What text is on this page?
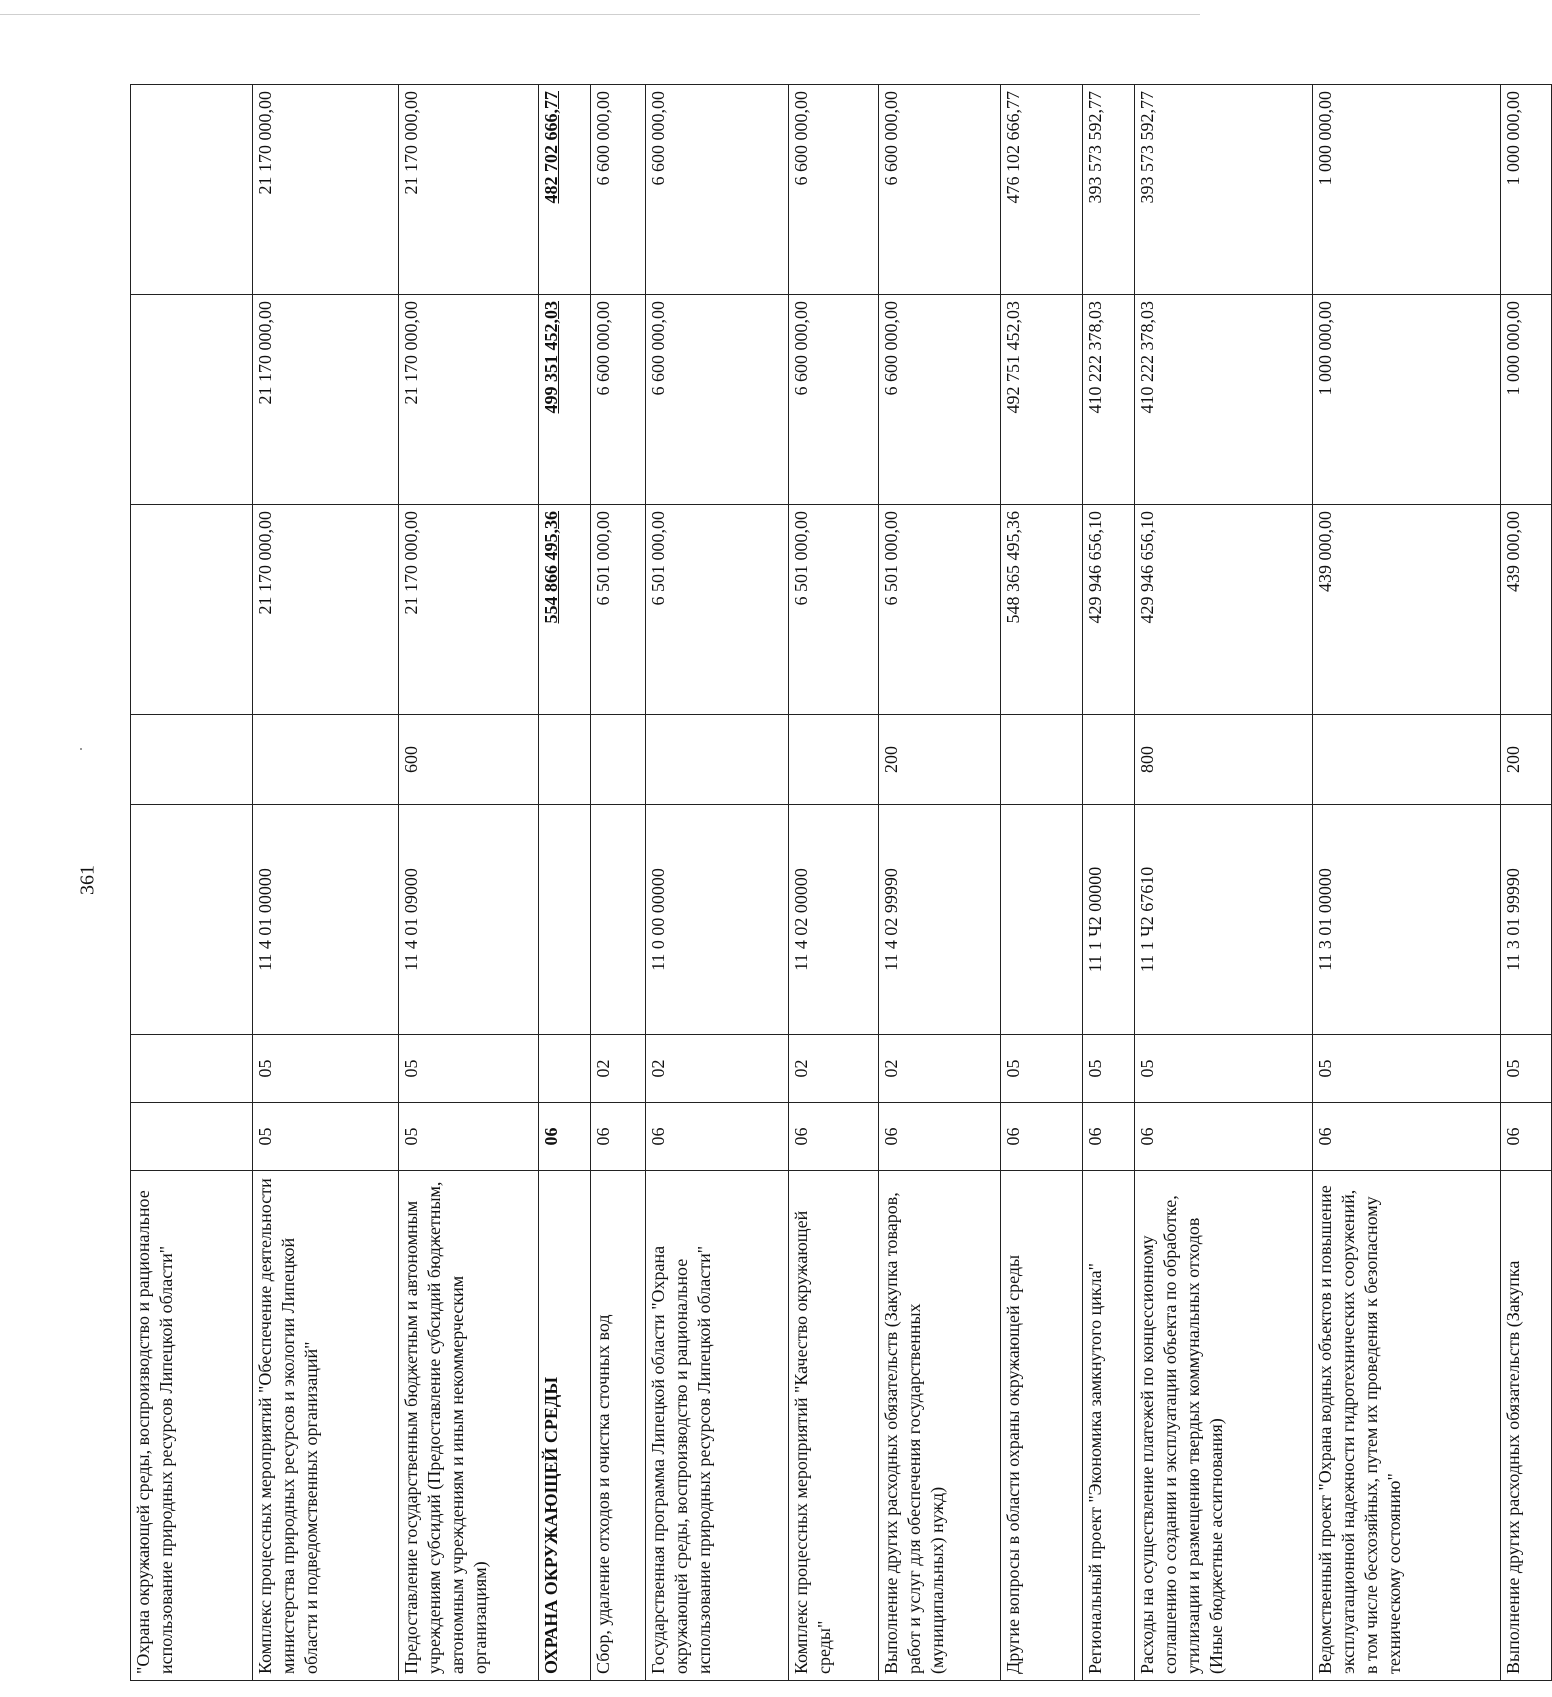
361
"Охрана окружающей среды, воспроизводство и рациональное использование природных ресурсов Липецкой области"							
Комплекс процессных мероприятий "Обеспечение деятельности министерства природных ресурсов и экологии Липецкой области и подведомственных организаций"	05	05	11 4 01 00000		21 170 000,00	21 170 000,00	21 170 000,00
Предоставление государственным бюджетным и автономным учреждениям субсидий (Предоставление субсидий бюджетным, автономным учреждениям и иным некоммерческим организациям)	05	05	11 4 01 09000	600	21 170 000,00	21 170 000,00	21 170 000,00
ОХРАНА ОКРУЖАЮЩЕЙ СРЕДЫ	06				554 866 495,36	499 351 452,03	482 702 666,77
Сбор, удаление отходов и очистка сточных вод	06	02			6 501 000,00	6 600 000,00	6 600 000,00
Государственная программа Липецкой области "Охрана окружающей среды, воспроизводство и рациональное использование природных ресурсов Липецкой области"	06	02	11 0 00 00000		6 501 000,00	6 600 000,00	6 600 000,00
Комплекс процессных мероприятий "Качество окружающей среды"	06	02	11 4 02 00000		6 501 000,00	6 600 000,00	6 600 000,00
Выполнение других расходных обязательств (Закупка товаров, работ и услуг для обеспечения государственных (муниципальных) нужд)	06	02	11 4 02 99990	200	6 501 000,00	6 600 000,00	6 600 000,00
Другие вопросы в области охраны окружающей среды	06	05			548 365 495,36	492 751 452,03	476 102 666,77
Региональный проект "Экономика замкнутого цикла"	06	05	11 1 Ч2 00000		429 946 656,10	410 222 378,03	393 573 592,77
Расходы на осуществление платежей по концессионному соглашению о создании и эксплуатации объекта по обработке, утилизации и размещению твердых коммунальных отходов (Иные бюджетные ассигнования)	06	05	11 1 Ч2 67610	800	429 946 656,10	410 222 378,03	393 573 592,77
Ведомственный проект "Охрана водных объектов и повышение эксплуатационной надежности гидротехнических сооружений, в том числе бесхозяйных, путем их проведения к безопасному техническому состоянию"	06	05	11 3 01 00000		439 000,00	1 000 000,00	1 000 000,00
Выполнение других расходных обязательств (Закупка	06	05	11 3 01 99990	200	439 000,00	1 000 000,00	1 000 000,00
